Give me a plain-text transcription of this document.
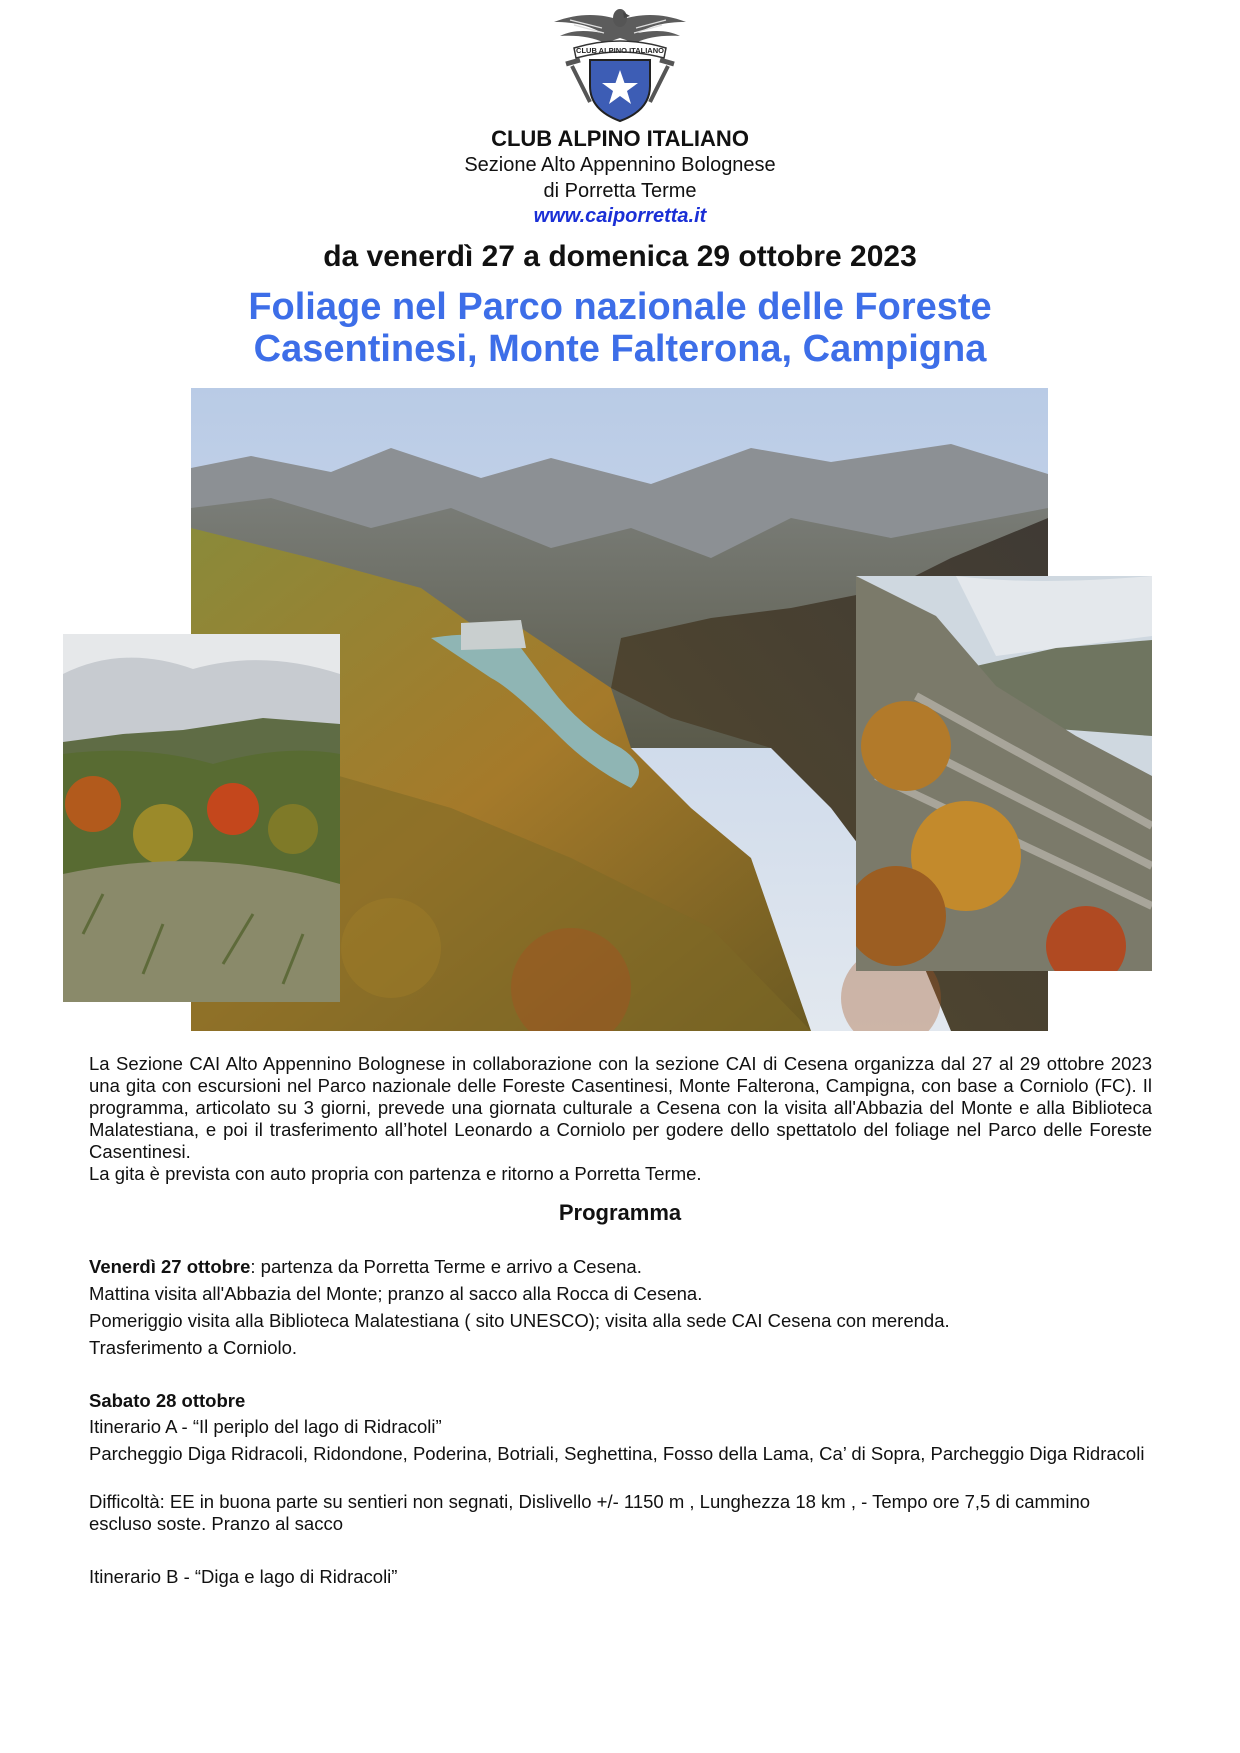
CLUB ALPINO ITALIANO
CLUB ALPINO ITALIANO
Sezione Alto Appennino Bolognese
di Porretta Terme
www.caiporretta.it
da venerdì 27 a domenica 29 ottobre 2023
Foliage nel Parco nazionale delle Foreste
Casentinesi, Monte Falterona, Campigna

La Sezione CAI Alto Appennino Bolognese in collaborazione con la sezione CAI di Cesena organizza dal 27 al 29 ottobre 2023 una gita con escursioni nel Parco nazionale delle Foreste Casentinesi, Monte Falterona, Campigna, con base a Corniolo (FC). Il programma, articolato su 3 giorni, prevede una giornata culturale a Cesena con la visita all'Abbazia del Monte e alla Biblioteca Malatestiana, e poi il trasferimento all’hotel Leonardo a Corniolo per godere dello spettatolo del foliage nel Parco delle Foreste Casentinesi.

La gita è prevista con auto propria con partenza e ritorno a Porretta Terme.

Programma
Venerdì 27 ottobre: partenza da Porretta Terme e arrivo a Cesena.
Mattina visita all'Abbazia del Monte; pranzo al sacco alla Rocca di Cesena.
Pomeriggio visita alla Biblioteca Malatestiana ( sito UNESCO); visita alla sede CAI Cesena con merenda.
Trasferimento a Corniolo.
Sabato 28 ottobre
Itinerario A - “Il periplo del lago di Ridracoli”
Parcheggio Diga Ridracoli, Ridondone, Poderina, Botriali, Seghettina, Fosso della Lama, Ca’ di Sopra, Parcheggio Diga Ridracoli
Difficoltà: EE in buona parte su sentieri non segnati, Dislivello +/- 1150 m , Lunghezza 18 km , - Tempo ore 7,5 di cammino escluso soste. Pranzo al sacco
Itinerario B - “Diga e lago di Ridracoli”
